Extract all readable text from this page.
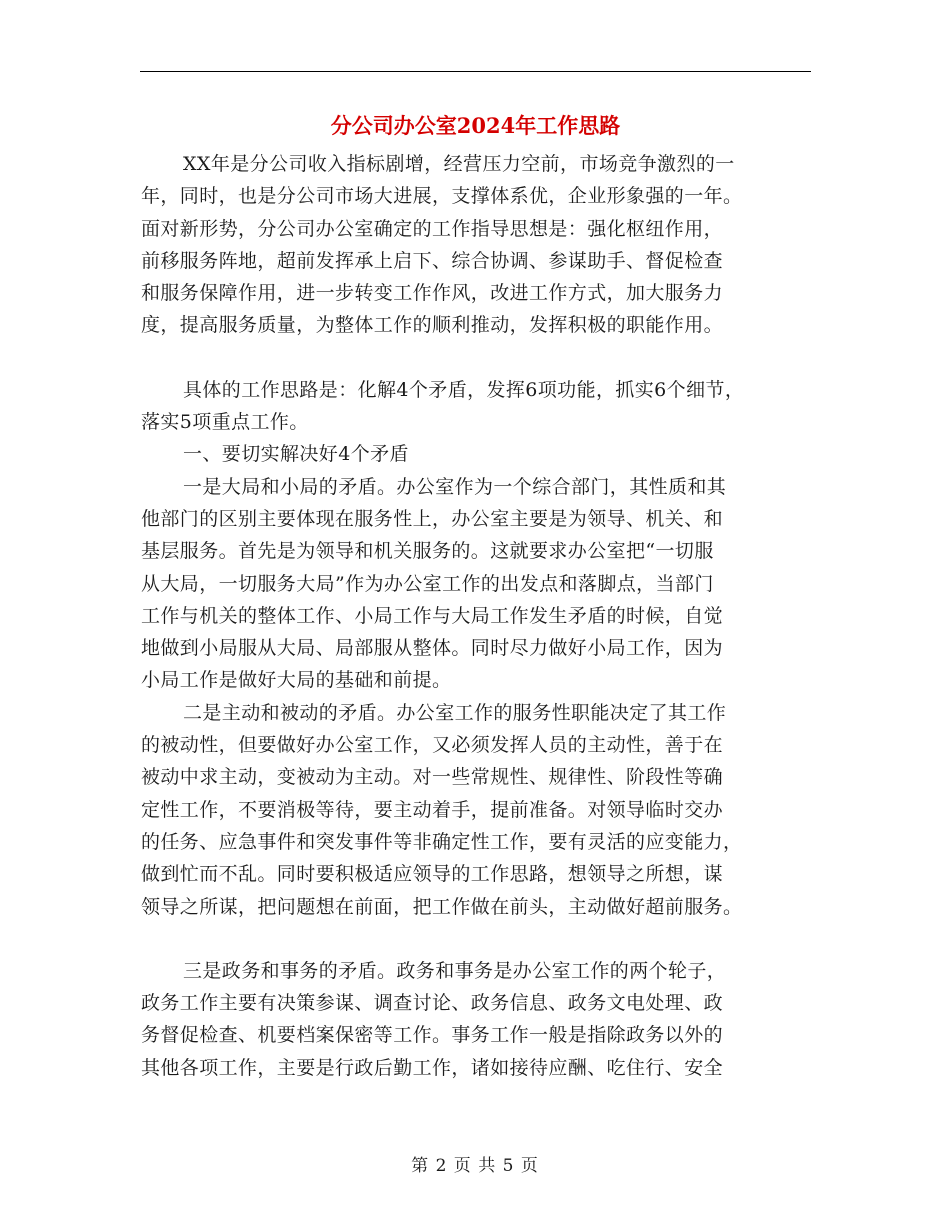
分公司办公室2024年工作思路

XX年是分公司收入指标剧增，经营压力空前，市场竞争激烈的一
年，同时，也是分公司市场大进展，支撑体系优，企业形象强的一年。
面对新形势，分公司办公室确定的工作指导思想是：强化枢纽作用，
前移服务阵地，超前发挥承上启下、综合协调、参谋助手、督促检查
和服务保障作用，进一步转变工作作风，改进工作方式，加大服务力
度，提高服务质量，为整体工作的顺利推动，发挥积极的职能作用。

具体的工作思路是：化解4个矛盾，发挥6项功能，抓实6个细节，
落实5项重点工作。

一、要切实解决好4个矛盾

一是大局和小局的矛盾。办公室作为一个综合部门，其性质和其
他部门的区别主要体现在服务性上，办公室主要是为领导、机关、和
基层服务。首先是为领导和机关服务的。这就要求办公室把“一切服
从大局，一切服务大局”作为办公室工作的出发点和落脚点，当部门
工作与机关的整体工作、小局工作与大局工作发生矛盾的时候，自觉
地做到小局服从大局、局部服从整体。同时尽力做好小局工作，因为
小局工作是做好大局的基础和前提。

二是主动和被动的矛盾。办公室工作的服务性职能决定了其工作
的被动性，但要做好办公室工作，又必须发挥人员的主动性，善于在
被动中求主动，变被动为主动。对一些常规性、规律性、阶段性等确
定性工作，不要消极等待，要主动着手，提前准备。对领导临时交办
的任务、应急事件和突发事件等非确定性工作，要有灵活的应变能力，
做到忙而不乱。同时要积极适应领导的工作思路，想领导之所想，谋
领导之所谋，把问题想在前面，把工作做在前头，主动做好超前服务。

三是政务和事务的矛盾。政务和事务是办公室工作的两个轮子，
政务工作主要有决策参谋、调查讨论、政务信息、政务文电处理、政
务督促检查、机要档案保密等工作。事务工作一般是指除政务以外的
其他各项工作，主要是行政后勤工作，诸如接待应酬、吃住行、安全

第 2 页 共 5 页
